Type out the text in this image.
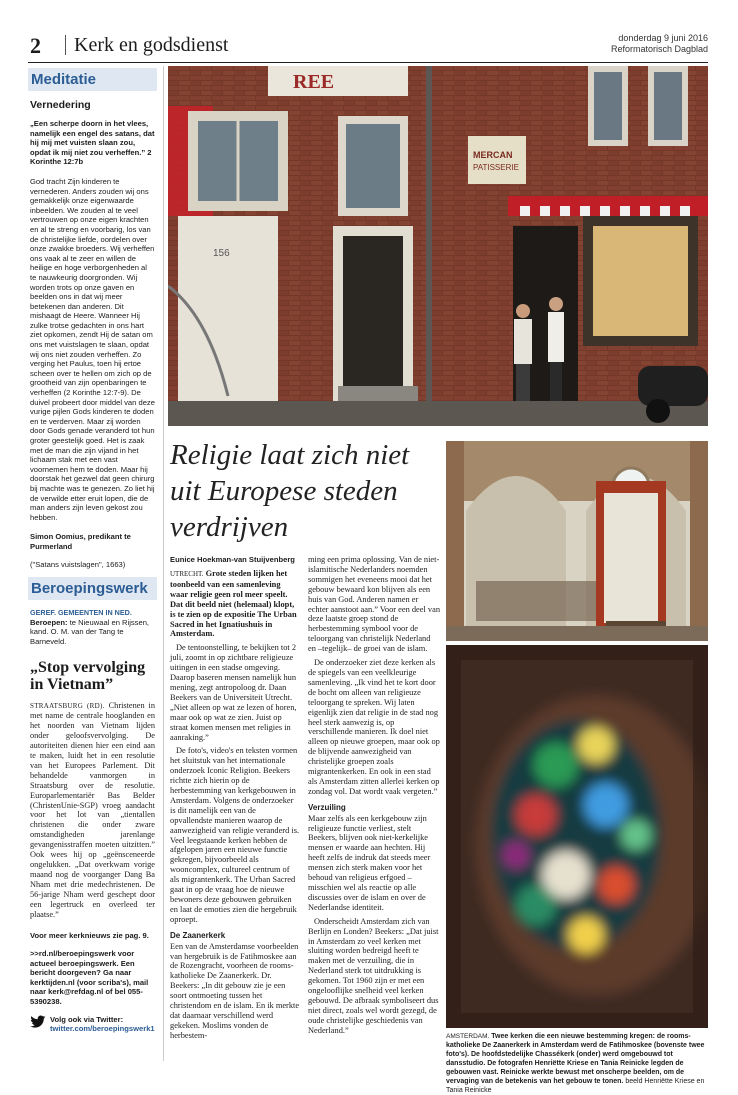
2	Kerk en godsdienst	donderdag 9 juni 2016
Reformatorisch Dagblad
Meditatie
Vernedering
„Een scherpe doorn in het vlees, namelijk een engel des satans, dat hij mij met vuisten slaan zou, opdat ik mij niet zou verheffen.” 2 Korinthe 12:7b
God tracht Zijn kinderen te vernederen. Anders zouden wij ons gemakkelijk onze eigenwaarde inbeelden. We zouden al te veel vertrouwen op onze eigen krachten en al te streng en voorbarig, los van de christelijke liefde, oordelen over onze zwakke broeders. Wij verheffen ons vaak al te zeer en willen de heilige en hoge verborgenheden al te nauwkeurig doorgronden. Wij worden trots op onze gaven en beelden ons in dat wij meer betekenen dan anderen. Dit mishaagt de Heere. Wanneer Hij zulke trotse gedachten in ons hart ziet opkomen, zendt Hij de satan om ons met vuistslagen te slaan, opdat wij ons niet zouden verheffen. Zo verging het Paulus, toen hij ertoe scheen over te hellen om zich op de grootheid van zijn openbaringen te verheffen (2 Korinthe 12:7-9). De duivel probeert door middel van deze vurige pijlen Gods kinderen te doden en te verderven. Maar zij worden door Gods genade veranderd tot hun groter geestelijk goed. Het is zaak met de man die zijn vijand in het lichaam stak met een vast voornemen hem te doden. Maar hij doorstak het gezwel dat geen chirurg bij machte was te genezen. Zo liet hij de verwilde etter eruit lopen, die de man anders zijn leven gekost zou hebben.
Simon Oomius, predikant te Purmerland
("Satans vuistslagen", 1663)
Beroepingswerk
GEREF. GEMEENTEN IN NED.
Beroepen: te Nieuwaal en Rijssen, kand. O. M. van der Tang te Barneveld.
„Stop vervolging in Vietnam”
STRAATSBURG (RD). Christenen in met name de centrale hooglanden en het noorden van Vietnam lijden onder geloofsvervolging. De autoriteiten dienen hier een eind aan te maken, luidt het in een resolutie van het Europees Parlement. Dit behandelde vanmorgen in Straatsburg over de resolutie. Europarlementariër Bas Belder (ChristenUnie-SGP) vroeg aandacht voor het lot van „tientallen christenen die onder zware omstandigheden jarenlange gevangenisstraffen moeten uitzitten.” Ook wees hij op „geënsceneerde ongelukken. „Dat overkwam vorige maand nog de voorganger Dang Ba Nham met drie medechristenen. De 56-jarige Nham werd geschept door een legertruck en overleed ter plaatse.”
Voor meer kerknieuws zie pag. 9.
>>rd.nl/beroepingswerk voor actueel beroepingswerk. Een bericht doorgeven? Ga naar kerktijden.nl (voor scriba's), mail naar kerk@refdag.nl of bel 055-5390238.
Volg ook via Twitter:
twitter.com/beroepingswerk1
REE
156
MERCAN
PATISSERIE
Religie laat zich niet uit Europese steden verdrijven
Eunice Hoekman-van Stuijvenberg

UTRECHT. Grote steden lijken het toonbeeld van een samenleving waar religie geen rol meer speelt. Dat dit beeld niet (helemaal) klopt, is te zien op de expositie The Urban Sacred in het Ignatiushuis in Amsterdam.

De tentoonstelling, te bekijken tot 2 juli, zoomt in op zichtbare religieuze uitingen in een stadse omgeving. Daarop baseren mensen namelijk hun mening, zegt antropoloog dr. Daan Beekers van de Universiteit Utrecht. „Niet alleen op wat ze lezen of horen, maar ook op wat ze zien. Juist op straat komen mensen met religies in aanraking.”

De foto's, video's en teksten vormen het sluitstuk van het internationale onderzoek Iconic Religion. Beekers richtte zich hierin op de herbestemming van kerkgebouwen in Amsterdam. Volgens de onderzoeker is dit namelijk een van de opvallendste manieren waarop de aanwezigheid van religie veranderd is. Veel leegstaande kerken hebben de afgelopen jaren een nieuwe functie gekregen, bijvoorbeeld als wooncomplex, cultureel centrum of als migrantenkerk. The Urban Sacred gaat in op de vraag hoe de nieuwe bewoners deze gebouwen gebruiken en laat de emoties zien die hergebruik oproept.

De Zaanerkerk

Een van de Amsterdamse voorbeelden van hergebruik is de Fatihmoskee aan de Rozengracht, voorheen de rooms-katholieke De Zaanerkerk. Dr. Beekers: „In dit gebouw zie je een soort ontmoeting tussen het christendom en de islam. En ik merkte dat daarnaar verschillend werd gekeken. Moslims vonden de herbestem-

ming een prima oplossing. Van de niet-islamitische Nederlanders noemden sommigen het eveneens mooi dat het gebouw bewaard kon blijven als een huis van God. Anderen namen er echter aanstoot aan.” Voor een deel van deze laatste groep stond de herbestemming symbool voor de teloorgang van christelijk Nederland en –tegelijk– de groei van de islam.

De onderzoeker ziet deze kerken als de spiegels van een veelkleurige samenleving. „Ik vind het te kort door de bocht om alleen van religieuze teloorgang te spreken. Wij laten eigenlijk zien dat religie in de stad nog heel sterk aanwezig is, op verschillende manieren. Ik doel niet alleen op nieuwe groepen, maar ook op de blijvende aanwezigheid van christelijke groepen zoals migrantenkerken. En ook in een stad als Amsterdam zitten allerlei kerken op zondag vol. Dat wordt vaak vergeten.”

Verzuiling

Maar zelfs als een kerkgebouw zijn religieuze functie verliest, stelt Beekers, blijven ook niet-kerkelijke mensen er waarde aan hechten. Hij heeft zelfs de indruk dat steeds meer mensen zich sterk maken voor het behoud van religieus erfgoed – misschien wel als reactie op alle discussies over de islam en over de Nederlandse identiteit.

Onderscheidt Amsterdam zich van Berlijn en Londen? Beekers: „Dat juist in Amsterdam zo veel kerken met sluiting worden bedreigd heeft te maken met de verzuiling, die in Nederland sterk tot uitdrukking is gekomen. Tot 1960 zijn er met een ongelooflijke snelheid veel kerken gebouwd. De afbraak symboliseert dus niet direct, zoals wel wordt gezegd, de oude christelijke geschiedenis van Nederland.”

AMSTERDAM. Twee kerken die een nieuwe bestemming kregen: de rooms-katholieke De Zaanerkerk in Amsterdam werd de Fatihmoskee (bovenste twee foto's). De hoofdstedelijke Chassékerk (onder) werd omgebouwd tot dansstudio. De fotografen Henriëtte Kriese en Tania Reinicke legden de gebouwen vast. Reinicke werkte bewust met onscherpe beelden, om de vervaging van de betekenis van het gebouw te tonen. beeld Henriëtte Kriese en Tania Reinicke
